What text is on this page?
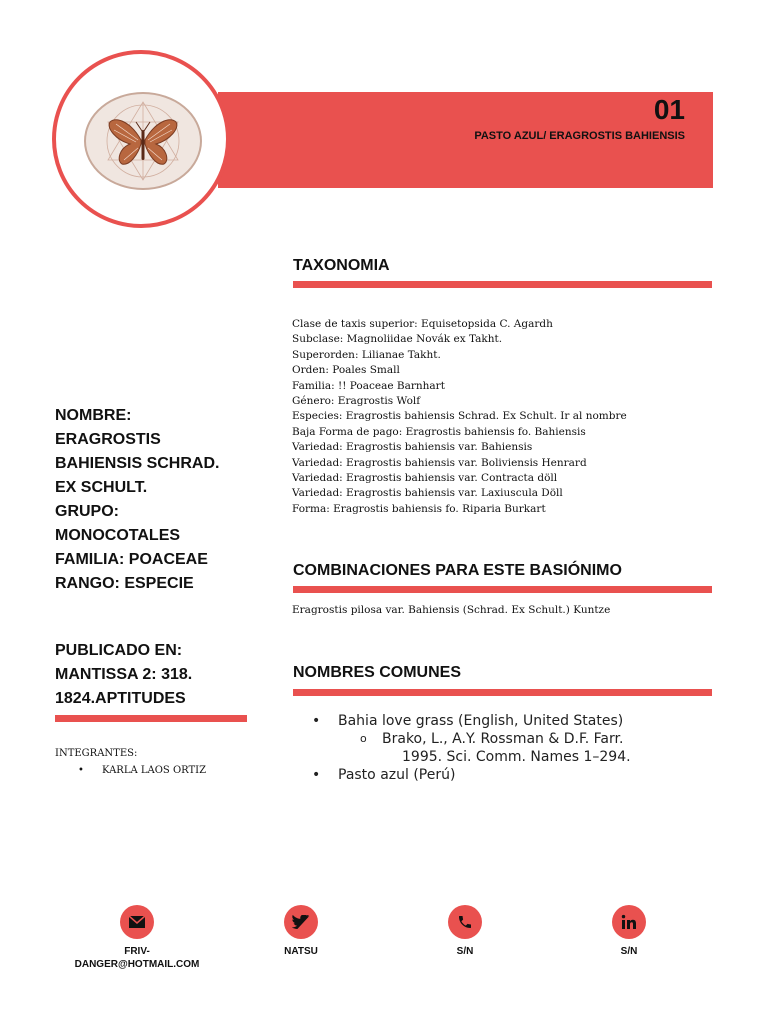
01
PASTO AZUL/ ERAGROSTIS BAHIENSIS
TAXONOMIA
Clase de taxis superior: Equisetopsida C. Agardh
Subclase: Magnoliidae Novák ex Takht.
Superorden: Lilianae Takht.
Orden: Poales Small
Familia: !! Poaceae Barnhart
Género: Eragrostis Wolf
Especies: Eragrostis bahiensis Schrad. Ex Schult. Ir al nombre
Baja Forma de pago: Eragrostis bahiensis fo. Bahiensis
Variedad: Eragrostis bahiensis var. Bahiensis
Variedad: Eragrostis bahiensis var. Boliviensis Henrard
Variedad: Eragrostis bahiensis var. Contracta döll
Variedad: Eragrostis bahiensis var. Laxiuscula Döll
Forma: Eragrostis bahiensis fo. Riparia Burkart
COMBINACIONES PARA ESTE BASIÓNIMO
Eragrostis pilosa var. Bahiensis (Schrad. Ex Schult.) Kuntze
NOMBRES COMUNES
• Bahia love grass (English, United States)
o Brako, L., A.Y. Rossman & D.F. Farr.
1995. Sci. Comm. Names 1–294.
• Pasto azul (Perú)
NOMBRE:
ERAGROSTIS
BAHIENSIS SCHRAD.
EX SCHULT.
GRUPO:
MONOCOTALES
FAMILIA: POACEAE
RANGO: ESPECIE
PUBLICADO EN:
MANTISSA 2: 318.
1824.APTITUDES
INTEGRANTES:
• KARLA LAOS ORTIZ
FRIV-
DANGER@HOTMAIL.COM
NATSU	S/N	S/N
